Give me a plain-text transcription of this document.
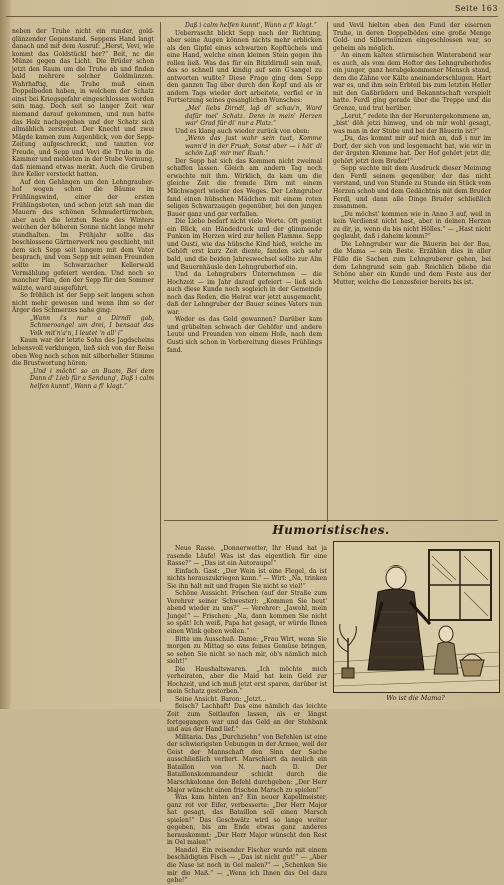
Seite 163

neben der Truhe nicht ein runder, gold-glänzender Gegenstand. Seppens Hand langt danach und mit dem Ausruf: „Herst, Vevi, wie kommt das Goldstückl her?“ Beit, nc die Münze gegen das Licht. Die Brüder schon jetzt den Raum um die Truhe ab und finden bald mehrere solcher Goldmünzen. Wahrhaftig, die Truhe muß einen Doppelboden haben, in welchem der Schatz einst bei Kriegsgefahr eingeschlossen worden sein mag. Doch seit so langer Zeit war niemand darauf gekommen, und nun hatte das Holz nachgegeben und der Schatz sich allmählich zerstreut. Der Knecht und zwei Mägde kamen zum Augenblick, von der Sepp-Zeitung aufgeschreckt, und tanzten vor Freude, und Sepp und Vevi die Truhe in die Kammer und meldeten in der Stube Vormung, daß niemand etwas merkt. Auch die Gruben ihre Keller versteckt hatten.

Auf den Gehängen um den Lehngrauber-hof wogen schon die Bäume im Frühlingswind, einer der ersten Frühlingsboten, und schon jetzt sah man die Mauern des schönen Schmudertürmchen, aber auch die letzten Reste des Winters weichen der höheren Sonne nicht lange mehr standhalten. Im Frühjahr sollte das beschlossene Gärtnerwerk neu geschieht, mit dem sich Sepp seit langem mit dem Vater besprach, und vom Sepp mit seinen Freunden sollte im Schwarzacher Kellerwald Vermählung gefeiert werden. Und noch so mancher Plan, den der Sepp für den Sommer wälzte, ward ausgeführt.

So fröhlich ist der Sepp seit langem schon nicht mehr gewesen und wenn ihm so der Ärger des Schmerzes nahe ging:

„Wann i's nur a Dirndl gab, Schmeroangel um drei, I bensaat das Volk mit'n'a'n, I leutet 'n all' i“

Kaum war der letzte Sohn des Jagdscheins lebensvoll verklungen, ließ sich von der Reise oben Weg noch schon mit silberheller Stimme die Brustwortung hören:

„Und i möcht' so an Buam, Bei dem Dann d' Lieb für a Sendung', Daß i calm helfen kunnt', Wann a fi' klagt.“

Daß i calm helfen kunnt', Wann a fi' klagt.“

Ueberrascht blickt Sepp nach der Richtung, aber seine Augen können nichts mehr erblicken als den Gipfel eines schwarzen Kopftüchels und eine Hand, welche einen kleinen Stein gegen ihn rollen ließ. Was das für ein Bitzldirndl sein muß, das so schnell und kindig auf sein G'sangel zu antworten wußte? Diese Frage ging dem Sepp den ganzen Tag über durch den Kopf und als er andern Tags wieder dort arbeitete, verfiel er in Fortsetzung seines gesanglichen Wunsches:

„Mei' liebs Dirndl, laß di' schau'n, Ward dafür mei' Schatz. Denn in mein' Herzen war' Grad für di' nur a Platz.“

Und es klang auch wieder zurück von oben:

„Wenn das just wahr sein tuat, Komme wann'd in der Fruah, Sonst aber — i hät' di schön Laß' mir mei' Ruah.“

Der Sepp hat sich das Kommen nicht zweimal schaffen lassen. Gleich am andern Tag noch erwachte mit ihm. Wirklich, da kam um die gleiche Zeit die fremde Dirn mit einem Milchwagerl wieder des Weges. Der Lehngruber fand einen hübschen Mädchen mit einem roten seligen Schwarzaugen gegenüber, bei den jungen Bauer ganz und gar verfallen.

Die Liebe bedarf nicht viele Worte. Oft genügt ein Blick, ein Händedruck und der glimmende Funken im Herzen wird zur hellen Flamme. Sepp und Gusti, wie das hübsche Kind hieß, welche im Gehöft erst kurz Zeit diente, fanden sich sehr bald, und die beiden Jahreswechsel sollte zur Alm und Bauernhäusle den Lehngruberhof ein.

Und da Lehngrubers Unternehmen — die Hochzeit — im Jahr darauf gefeiert — ließ sich auch diese Kunde noch sogleich in der Gemeinde noch das Reden, die Heirat war jetzt ausgemacht, daß der Lehngruber der Bauer seines Vaters nun war.

Weder es das Geld gewannen? Darüber kam und grübelten schwach der Gehöfer und andere Leute und Freunden von einem Hofe, nach dem Gusti sich schon in Vorbereitung dieses Frühlings fand.

und Vevil hielten eben den Fund der eisernen Truhe, in deren Doppelböden eine große Menge Gold- und Silbermünzen eingeschlossen war, so geheim als möglich.

An einem kalten stürmischen Winterabend war es auch, als vom dem Hoftor des Lehngruberhofes ein junger, ganz herabgekommener Mensch stand, dem die Zähne vor Kälte aneinanderschlugen. Hart war es, und ihm sein Erbteil bis zum letzten Heller mit den Gaßbrüdern und Bekanntschaft verspielt hatte. Ferdl ging gerade über die Treppe und die Grenze, und trat herüber.

„Lerut,“ redete ihn der Heruntergekommene an, „bist' döh jetzi hinweg, und ob mir wohl gesagt, was man in der Stube und bei der Bäuerin ist?“

„Du, das kommt mir auf mich an, daß i nur im Dorf, der sich von und losgemacht hat, wie wir in der ärgsten Klemme hat. Der Hof gehört jetzt dir, gehört jetzt dem Bruder!“

Sepp suchte mit dem Ausdruck dieser Meinung den Ferdl seinem gegenüber, der das nicht verstand, und von Stunde zu Stunde ein Stück vom Herzen schob und dem Gedächtnis mit dem Bruder Ferdl, und dann alle Dinge Bruder schließlich zusammen.

„Du möchst' kommen wie in Anno 3 auf, weil in kein Verdienst nicht hast, aber in deinen Herzen zu dir, ja, wenn du bis nicht Hölles.“ — „Hast nicht geglaubt, daß i daheim komm?“

Die Lehngruber war die Bäuerin bei der Bau, die Mama — sein Beste. Erzählen dies in aller Fülle die Sachen zum Lehngruberer gehen, bei dem Lehngrund sein gab. Reichlich bliebe die Schöne aber ein Kunde und dem Feste aus der Mutter, welche die Lenzesfeier bereits bis ist.

Humoristisches.

Neue Rasse. „Donnerwetter, Ihr Hund hat ja rasende Läufe! Was ist das eigentlich für eine Rasse?“ — „Das ist ein Autoraupe!“

Einfach. Gast: „Der Wein ist eine Flegel, da ist nichts herauszukriegen kann.“ — Wirt: „Na, trinken Sie ihn halt mit und fragen Sie nicht so viel!“

Schöne Aussicht. Frischen (auf der Straße zum Verehrer seiner Schwester): „Kommen Sie heut' abend wieder zu uns?“ — Verehrer: „Jawohl, mein Junge!“ — Frischen: „Na, dann kommen Sie nicht so spät! Ich weiß, Papa hat gesagt, er würde Ihnen einen Wink geben wollen.“

Bitte um Ausschuß. Dame: „Frau Wirt, wenn Sie morgen zu Mittag so eins feines Gemüse bringen, so sehen Sie nicht so nach mir, ob's nämlich mich sieht!“

Die Haushaltswaren. „Ich möchte mich verheiraten, aber die Maid hat kein Geld zur Hochzeit, und ich muß jetzt erst sparen, darüber ist mein Schatz gestorben.“

Seine Ansicht. Baron: „Jetzt...

fleisch? Lachhaft! Das eine nämlich das leichte Zeit zum Seitlaufen lassen, als er längst fortgegangen war und das Geld an der Stehbank und aus der Hand lief.“

Militaria. Das „Durchziehn“ von Befehlen ist eine der schwierigsten Uebungen in der Armee, weil der Geist der Mannschaft den Sinn der Sache ausschließlich verliert. Marschiert da neulich ein Bataillon von N. nach D. Der Bataillonskommandeur schickt durch die Marschkolonne den Befehl durchgeben: „Der Herr Major wünscht einen frischen Marsch zu spielen!“

Was kam hinten an? Ein neuer Kapellmeister, ganz rot vor Eifer, verbesserte: „Der Herr Major hat gesagt, das Bataillon soll einen Marsch spielen!“ Das Geschwätz wird so lange weiter gegeben, bis am Ende etwas ganz anderes herauskommt: „Der Herr Major wünscht den Rest in Oel malen!“

Handel. Ein reisender Fischer wurde mit einem beschädigten Fisch — „Das ist nicht gut!“ — „Aber die Nase ist noch in Oel malen?“ — „Schenken Sie mir die Maß.“ — „Wenn ich Ihnen das Oel dazu gebe!“

Wo ist die Mama?
